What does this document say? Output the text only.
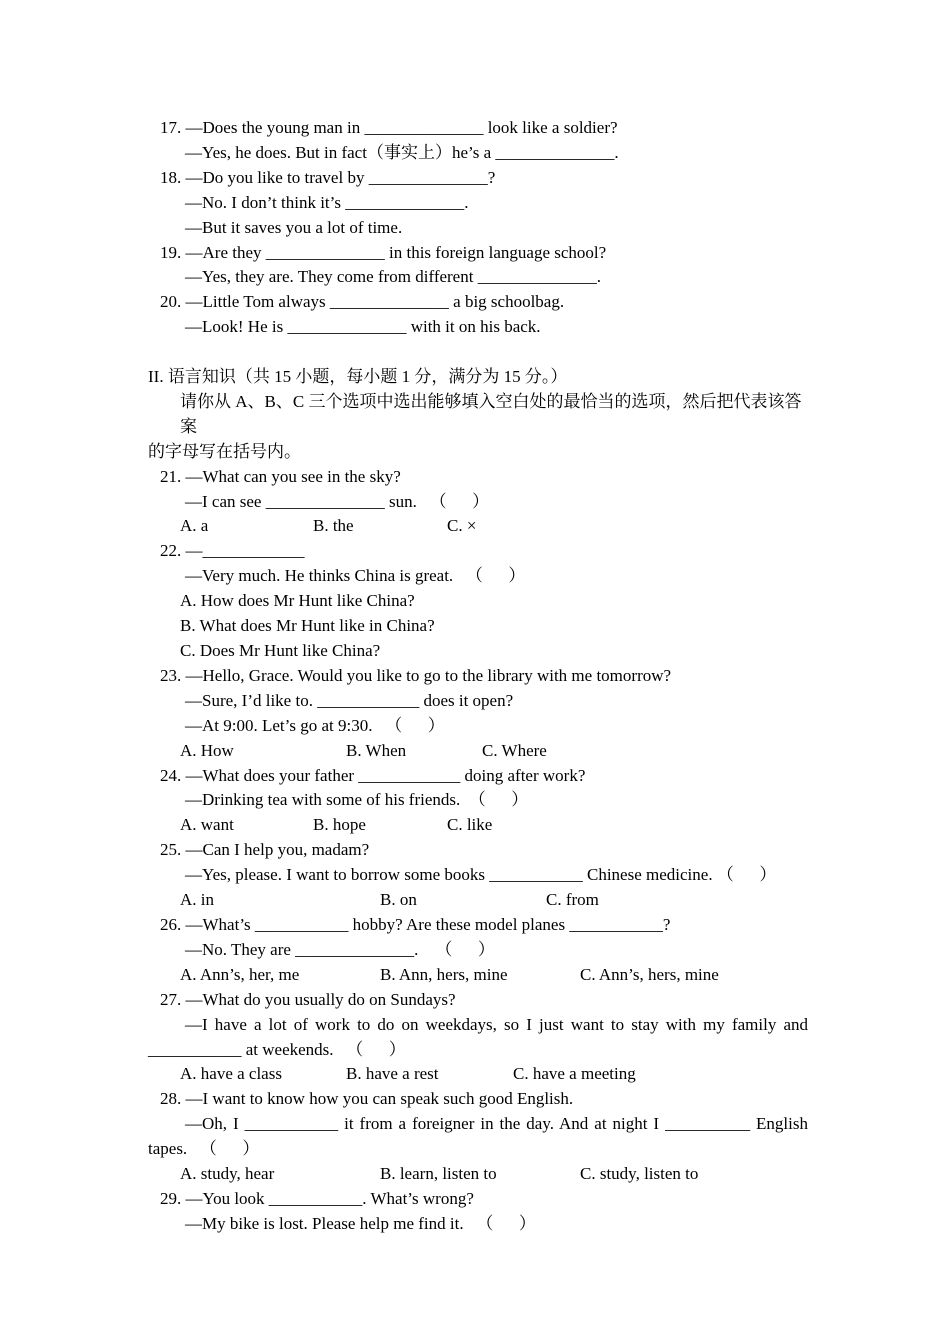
17. —Does the young man in ______________ look like a soldier?
—Yes, he does. But in fact（事实上）he’s a ______________.
18. —Do you like to travel by ______________?
—No. I don’t think it’s ______________.
—But it saves you a lot of time.
19. —Are they ______________ in this foreign language school?
—Yes, they are. They come from different ______________.
20. —Little Tom always ______________ a big schoolbag.
—Look! He is ______________ with it on his back.
II. 语言知识（共 15 小题，每小题 1 分，满分为 15 分。）
请你从 A、B、C 三个选项中选出能够填入空白处的最恰当的选项，然后把代表该答案
的字母写在括号内。
21. —What can you see in the sky?
—I can see ______________ sun.   （      ）
A. a	B. the	C. ×
22. —____________
—Very much. He thinks China is great.   （      ）
A. How does Mr Hunt like China?
B. What does Mr Hunt like in China?
C. Does Mr Hunt like China?
23. —Hello, Grace. Would you like to go to the library with me tomorrow?
—Sure, I’d like to. ____________ does it open?
—At 9:00. Let’s go at 9:30.   （      ）
A. How	B. When	C. Where
24. —What does your father ____________ doing after work?
—Drinking tea with some of his friends.  （      ）
A. want	B. hope	C. like
25. —Can I help you, madam?
—Yes, please. I want to borrow some books ___________ Chinese medicine. （      ）
A. in	B. on	C. from
26. —What’s ___________ hobby? Are these model planes ___________?
—No. They are ______________.    （      ）
A. Ann’s, her, me	B. Ann, hers, mine	C. Ann’s, hers, mine
27. —What do you usually do on Sundays?
—I have a lot of work to do on weekdays, so I just want to stay with my family and
___________ at weekends.   （      ）
A. have a class	B. have a rest	C. have a meeting
28. —I want to know how you can speak such good English.
—Oh, I ___________ it from a foreigner in the day. And at night I __________ English
tapes.   （      ）
A. study, hear	B. learn, listen to	C. study, listen to
29. —You look ___________. What’s wrong?
—My bike is lost. Please help me find it.   （      ）
